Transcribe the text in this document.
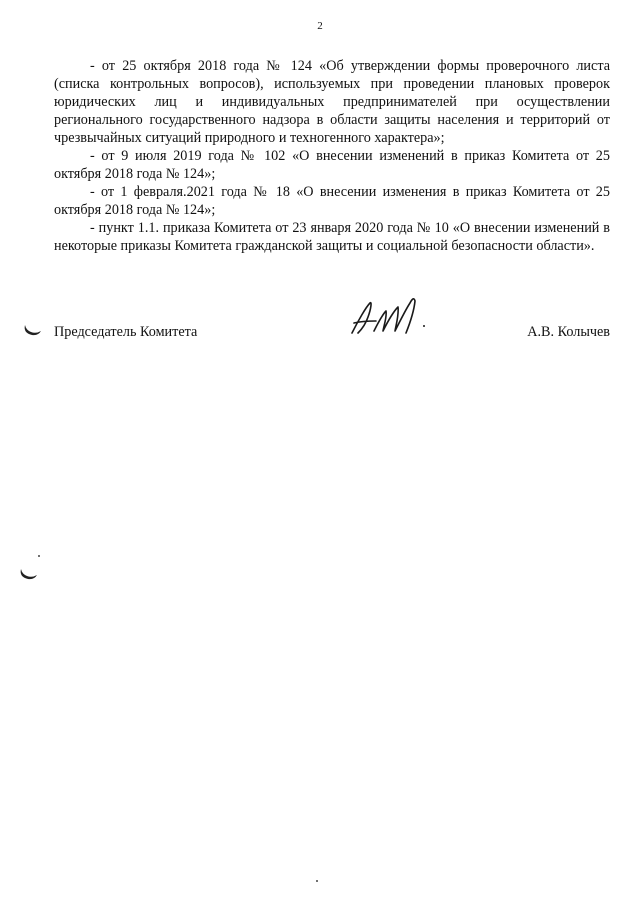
2

- от 25 октября 2018 года № 124 «Об утверждении формы проверочного листа (списка контрольных вопросов), используемых при проведении плановых проверок юридических лиц и индивидуальных предпринимателей при осуществлении регионального государственного надзора в области защиты населения и территорий от чрезвычайных ситуаций природного и техногенного характера»;

- от 9 июля 2019 года № 102 «О внесении изменений в приказ Комитета от 25 октября 2018 года № 124»;

- от 1 февраля.2021 года № 18 «О внесении изменения в приказ Комитета от 25 октября 2018 года № 124»;

- пункт 1.1. приказа Комитета от 23 января 2020 года № 10 «О внесении изменений в некоторые приказы Комитета гражданской защиты и социальной безопасности области».

Председатель Комитета	А.В. Колычев
